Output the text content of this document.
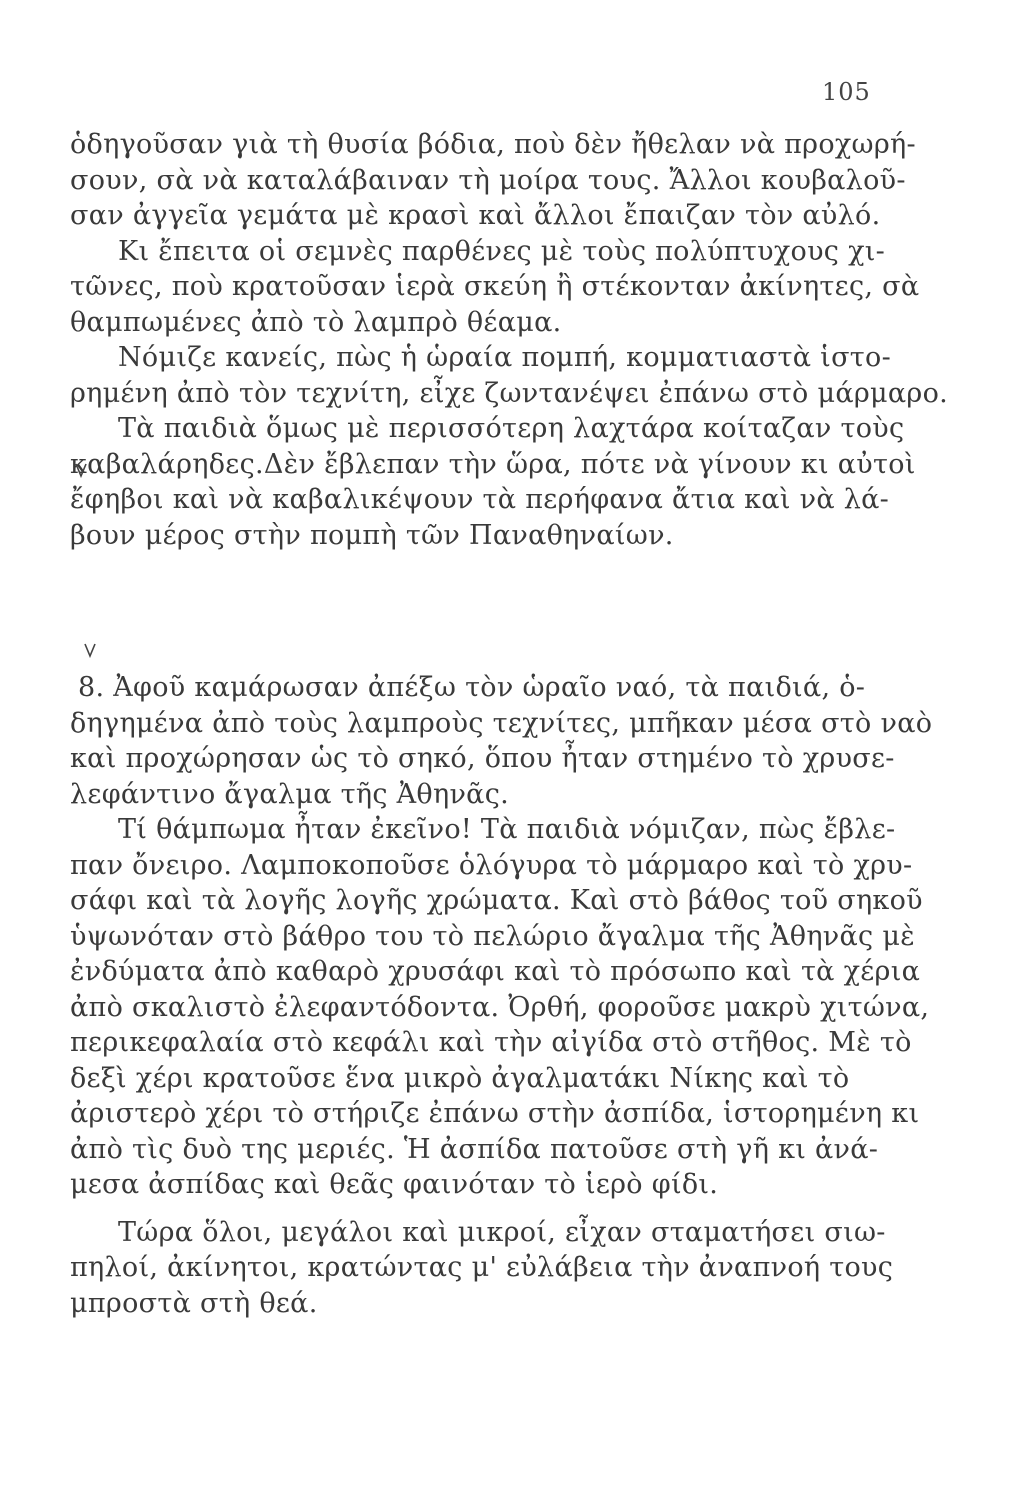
105
ὁδηγοῦσαν γιὰ τὴ θυσία βόδια, ποὺ δὲν ἤθελαν νὰ προχωρή-
σουν, σὰ νὰ καταλάβαιναν τὴ μοίρα τους. Ἄλλοι κουβαλοῦ-
σαν ἀγγεῖα γεμάτα μὲ κρασὶ καὶ ἄλλοι ἔπαιζαν τὸν αὐλό.
Κι ἔπειτα οἱ σεμνὲς παρθένες μὲ τοὺς πολύπτυχους χι-
τῶνες, ποὺ κρατοῦσαν ἱερὰ σκεύη ἢ στέκονταν ἀκίνητες, σὰ
θαμπωμένες ἀπὸ τὸ λαμπρὸ θέαμα.
Νόμιζε κανείς, πὼς ἡ ὡραία πομπή, κομματιαστὰ ἱστο-
ρημένη ἀπὸ τὸν τεχνίτη, εἶχε ζωντανέψει ἐπάνω στὸ μάρμαρο.
Τὰ παιδιὰ ὅμως μὲ περισσότερη λαχτάρα κοίταζαν τοὺς
καβαλάρηδες.Δὲν ἔβλεπαν τὴν ὥρα, πότε νὰ γίνουν κι αὐτοὶ
ἔφηβοι καὶ νὰ καβαλικέψουν τὰ περήφανα ἄτια καὶ νὰ λά-
βουν μέρος στὴν πομπὴ τῶν Παναθηναίων.
8. Ἀφοῦ καμάρωσαν ἀπέξω τὸν ὡραῖο ναό, τὰ παιδιά, ὁ-
δηγημένα ἀπὸ τοὺς λαμπροὺς τεχνίτες, μπῆκαν μέσα στὸ ναὸ
καὶ προχώρησαν ὡς τὸ σηκό, ὅπου ἦταν στημένο τὸ χρυσε-
λεφάντινο ἄγαλμα τῆς Ἀθηνᾶς.
Τί θάμπωμα ἦταν ἐκεῖνο! Τὰ παιδιὰ νόμιζαν, πὼς ἔβλε-
παν ὄνειρο. Λαμποκοποῦσε ὁλόγυρα τὸ μάρμαρο καὶ τὸ χρυ-
σάφι καὶ τὰ λογῆς λογῆς χρώματα. Καὶ στὸ βάθος τοῦ σηκοῦ
ὑψωνόταν στὸ βάθρο του τὸ πελώριο ἄγαλμα τῆς Ἀθηνᾶς μὲ
ἐνδύματα ἀπὸ καθαρὸ χρυσάφι καὶ τὸ πρόσωπο καὶ τὰ χέρια
ἀπὸ σκαλιστὸ ἐλεφαντόδοντα. Ὀρθή, φοροῦσε μακρὺ χιτώνα,
περικεφαλαία στὸ κεφάλι καὶ τὴν αἰγίδα στὸ στῆθος. Μὲ τὸ
δεξὶ χέρι κρατοῦσε ἕνα μικρὸ ἀγαλματάκι Νίκης καὶ τὸ
ἀριστερὸ χέρι τὸ στήριζε ἐπάνω στὴν ἀσπίδα, ἱστορημένη κι
ἀπὸ τὶς δυὸ της μεριές. Ἡ ἀσπίδα πατοῦσε στὴ γῆ κι ἀνά-
μεσα ἀσπίδας καὶ θεᾶς φαινόταν τὸ ἱερὸ φίδι.
Τώρα ὅλοι, μεγάλοι καὶ μικροί, εἶχαν σταματήσει σιω-
πηλοί, ἀκίνητοι, κρατώντας μ' εὐλάβεια τὴν ἀναπνοή τους
μπροστὰ στὴ θεά.
